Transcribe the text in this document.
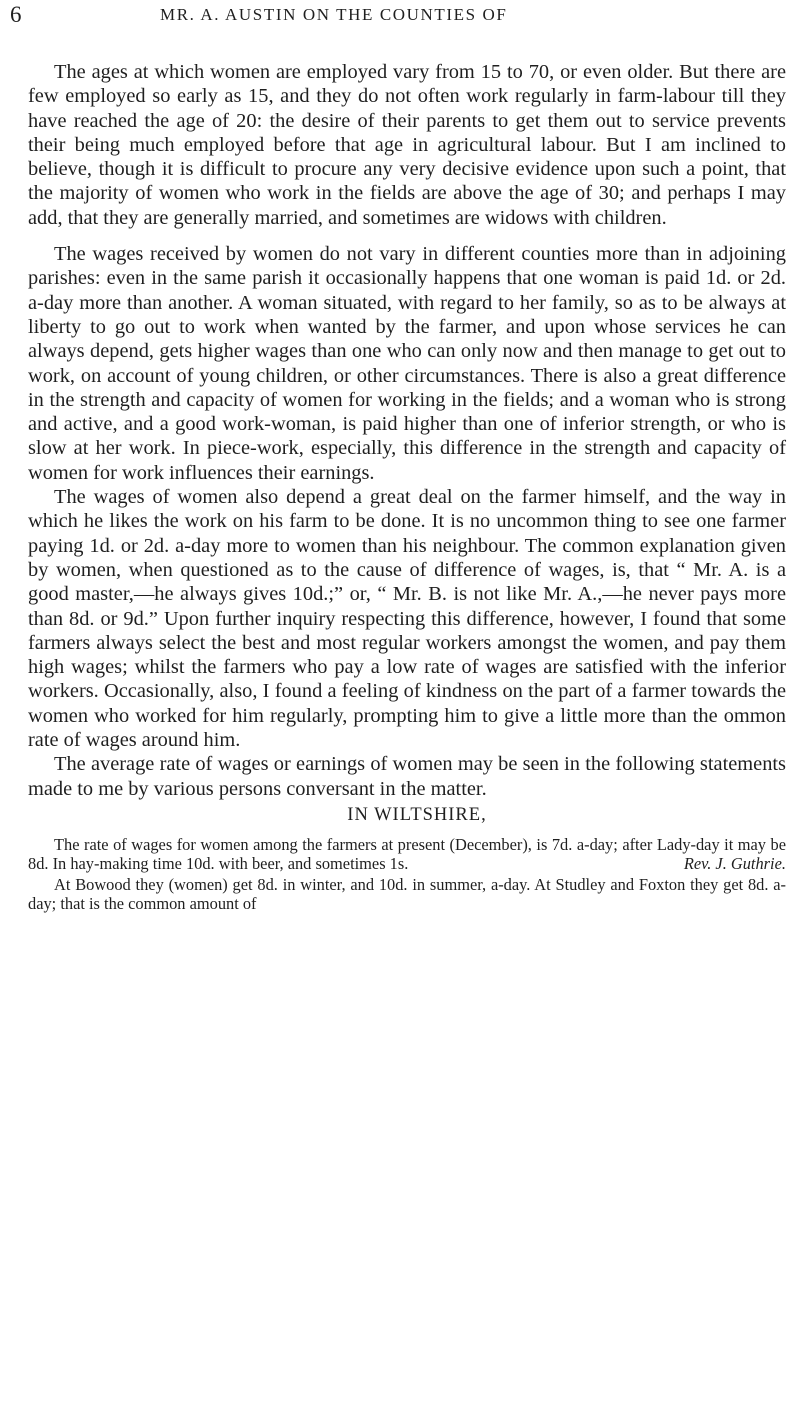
6	MR. A. AUSTIN ON THE COUNTIES OF

The ages at which women are employed vary from 15 to 70, or even older. But there are few employed so early as 15, and they do not often work regularly in farm-labour till they have reached the age of 20: the desire of their parents to get them out to service prevents their being much employed before that age in agricultural labour. But I am inclined to believe, though it is difficult to procure any very decisive evidence upon such a point, that the majority of women who work in the fields are above the age of 30; and perhaps I may add, that they are generally married, and sometimes are widows with children.

The wages received by women do not vary in different counties more than in adjoining parishes: even in the same parish it occasionally happens that one woman is paid 1d. or 2d. a-day more than another. A woman situated, with regard to her family, so as to be always at liberty to go out to work when wanted by the farmer, and upon whose services he can always depend, gets higher wages than one who can only now and then manage to get out to work, on account of young children, or other circumstances. There is also a great difference in the strength and capacity of women for working in the fields; and a woman who is strong and active, and a good work-woman, is paid higher than one of inferior strength, or who is slow at her work. In piece-work, especially, this difference in the strength and capacity of women for work influences their earnings.

The wages of women also depend a great deal on the farmer himself, and the way in which he likes the work on his farm to be done. It is no uncommon thing to see one farmer paying 1d. or 2d. a-day more to women than his neighbour. The common explanation given by women, when questioned as to the cause of difference of wages, is, that “ Mr. A. is a good master,—he always gives 10d.;” or, “ Mr. B. is not like Mr. A.,—he never pays more than 8d. or 9d.” Upon further inquiry respecting this difference, however, I found that some farmers always select the best and most regular workers amongst the women, and pay them high wages; whilst the farmers who pay a low rate of wages are satisfied with the inferior workers. Occasionally, also, I found a feeling of kindness on the part of a farmer towards the women who worked for him regularly, prompting him to give a little more than the ommon rate of wages around him.

The average rate of wages or earnings of women may be seen in the following statements made to me by various persons conversant in the matter.

IN WILTSHIRE,

The rate of wages for women among the farmers at present (December), is 7d. a-day; after Lady-day it may be 8d. In hay-making time 10d. with beer, and sometimes 1s.	Rev. J. Guthrie.

At Bowood they (women) get 8d. in winter, and 10d. in summer, a-day. At Studley and Foxton they get 8d. a-day; that is the common amount of
